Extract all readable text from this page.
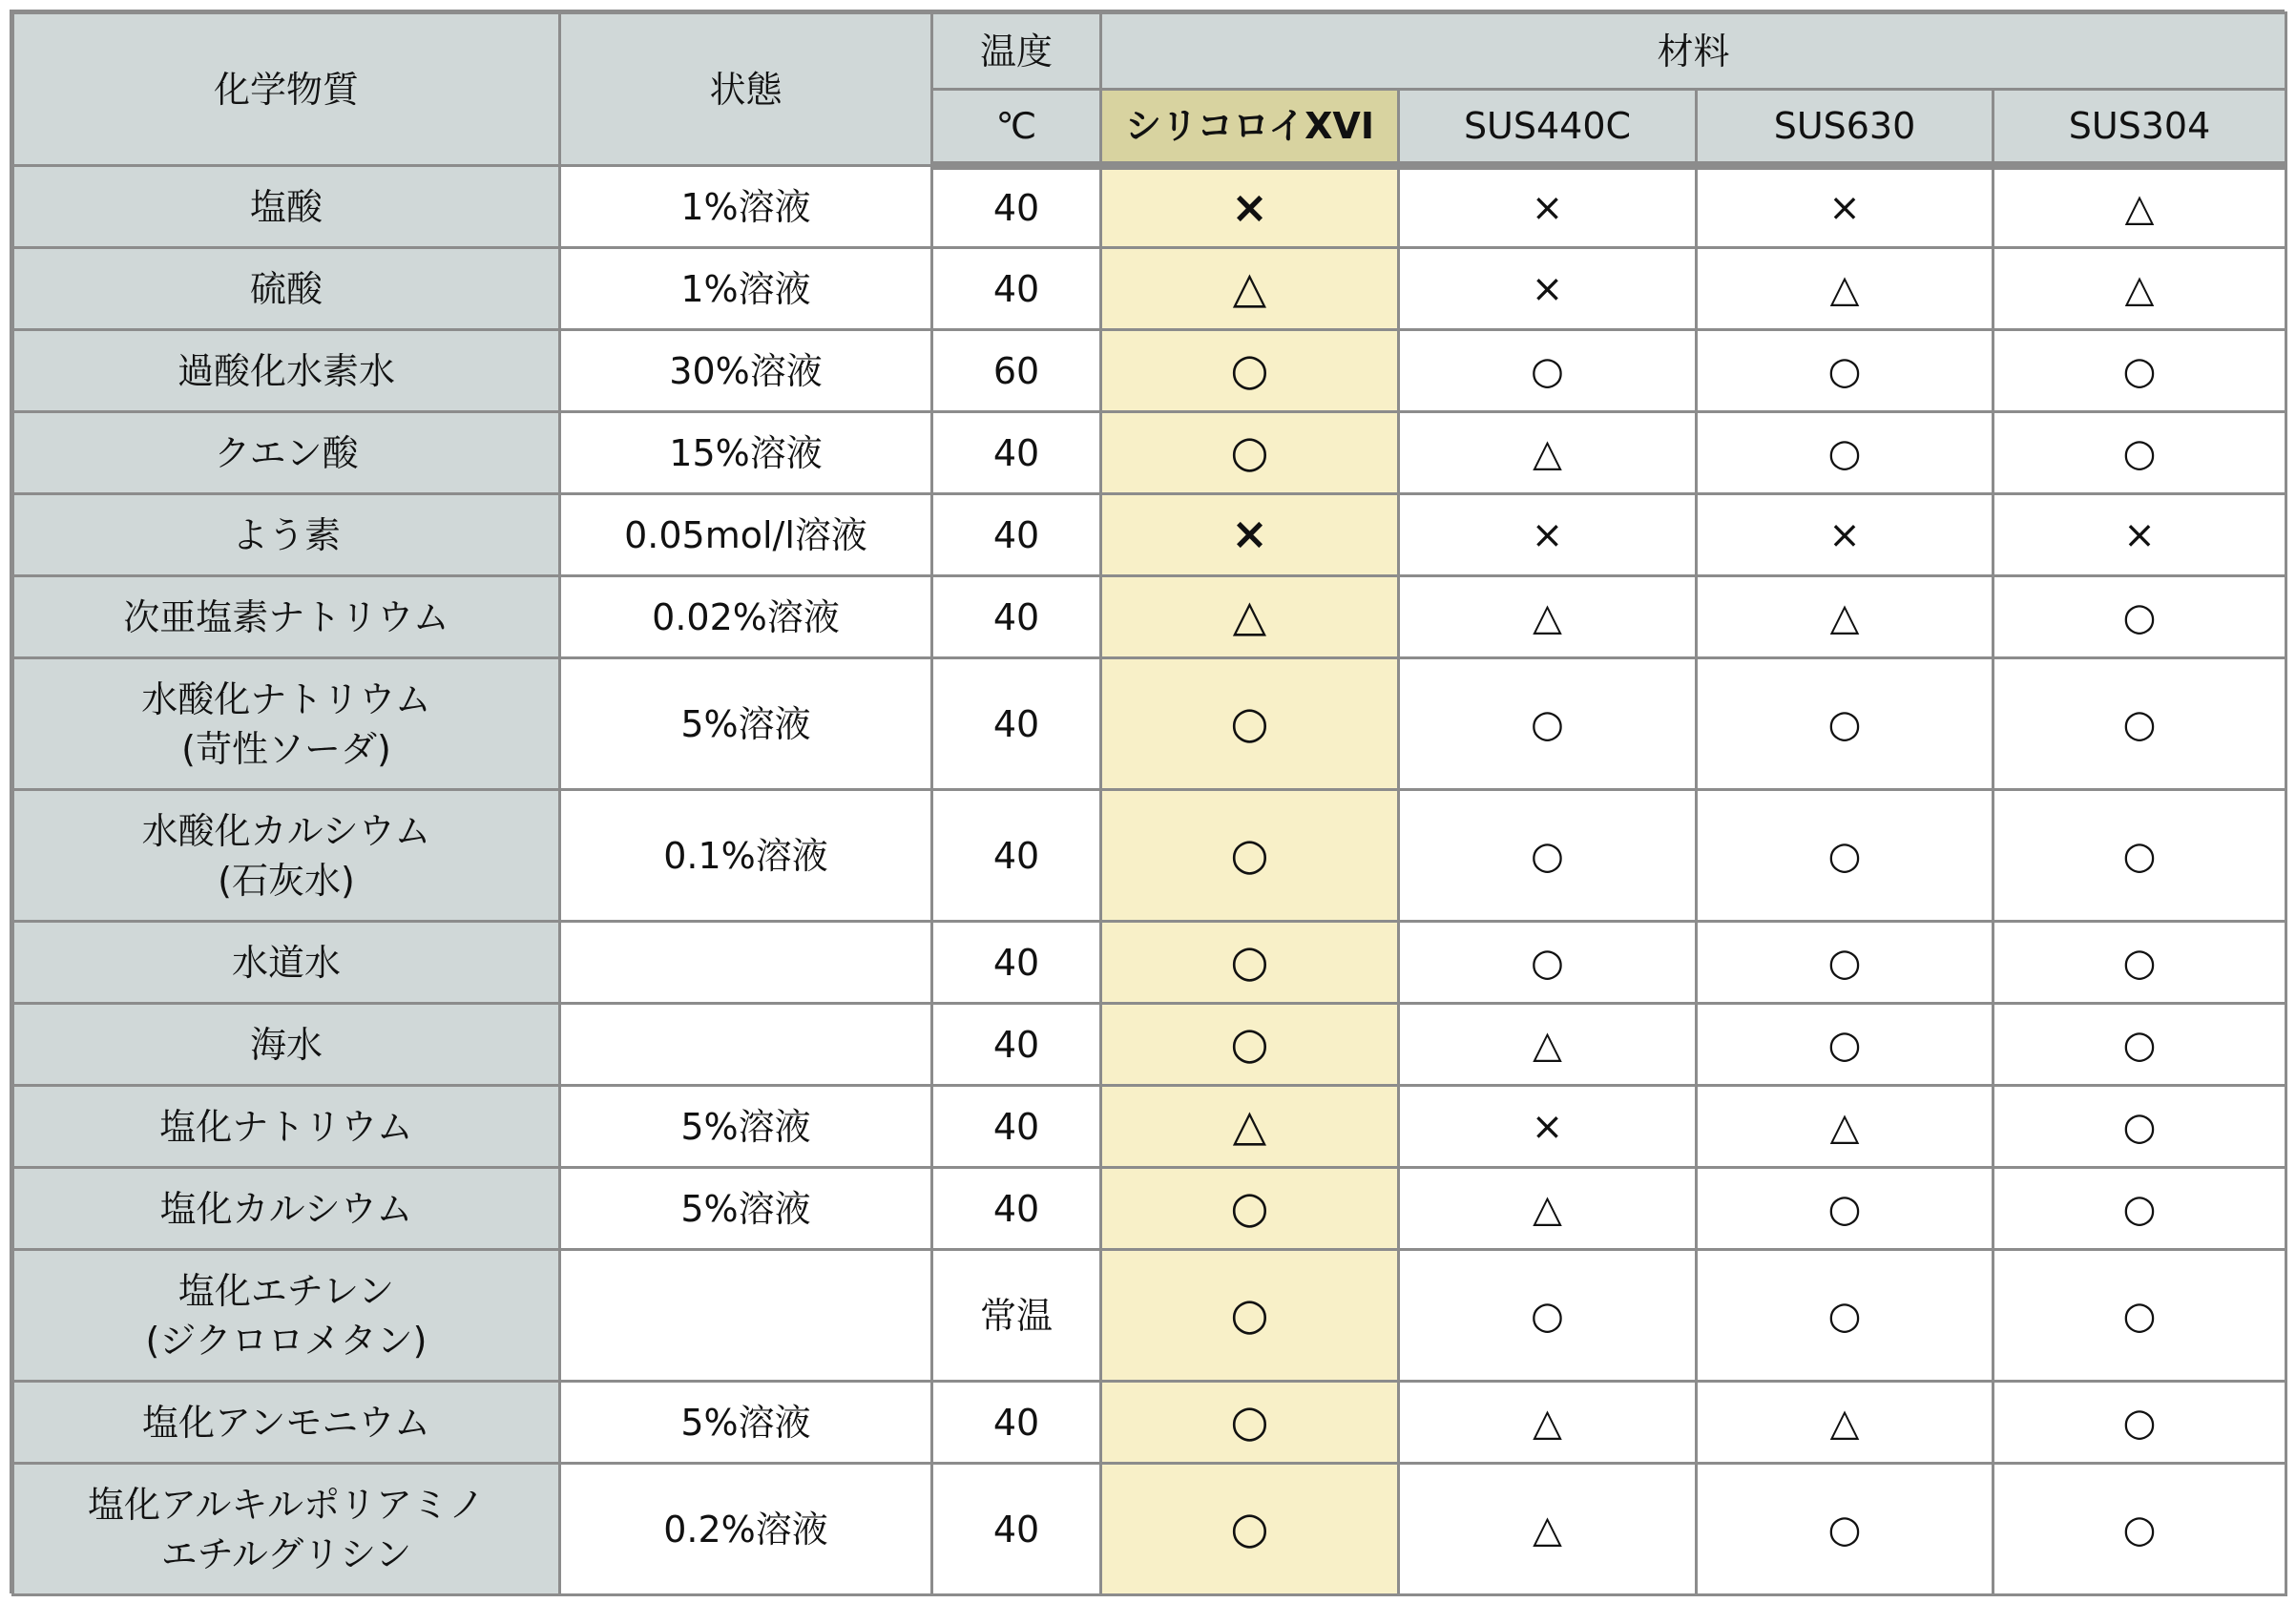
化学物質	状態	温度	材料			
		℃	シリコロイXVI	SUS440C	SUS630	SUS304

塩酸	1%溶液	40	×	×	×	△

硫酸	1%溶液	40	△	×	△	△

過酸化水素水	30%溶液	60	○	○	○	○

クエン酸	15%溶液	40	○	△	○	○

よう素	0.05mol/l溶液	40	×	×	×	×

次亜塩素ナトリウム	0.02%溶液	40	△	△	△	○

水酸化ナトリウム
(苛性ソーダ)	5%溶液	40	○	○	○	○

水酸化カルシウム
(石灰水)	0.1%溶液	40	○	○	○	○

水道水		40	○	○	○	○

海水		40	○	△	○	○

塩化ナトリウム	5%溶液	40	△	×	△	○

塩化カルシウム	5%溶液	40	○	△	○	○

塩化エチレン
(ジクロロメタン)		常温	○	○	○	○

塩化アンモニウム	5%溶液	40	○	△	△	○

塩化アルキルポリアミノ
エチルグリシン	0.2%溶液	40	○	△	○	○
